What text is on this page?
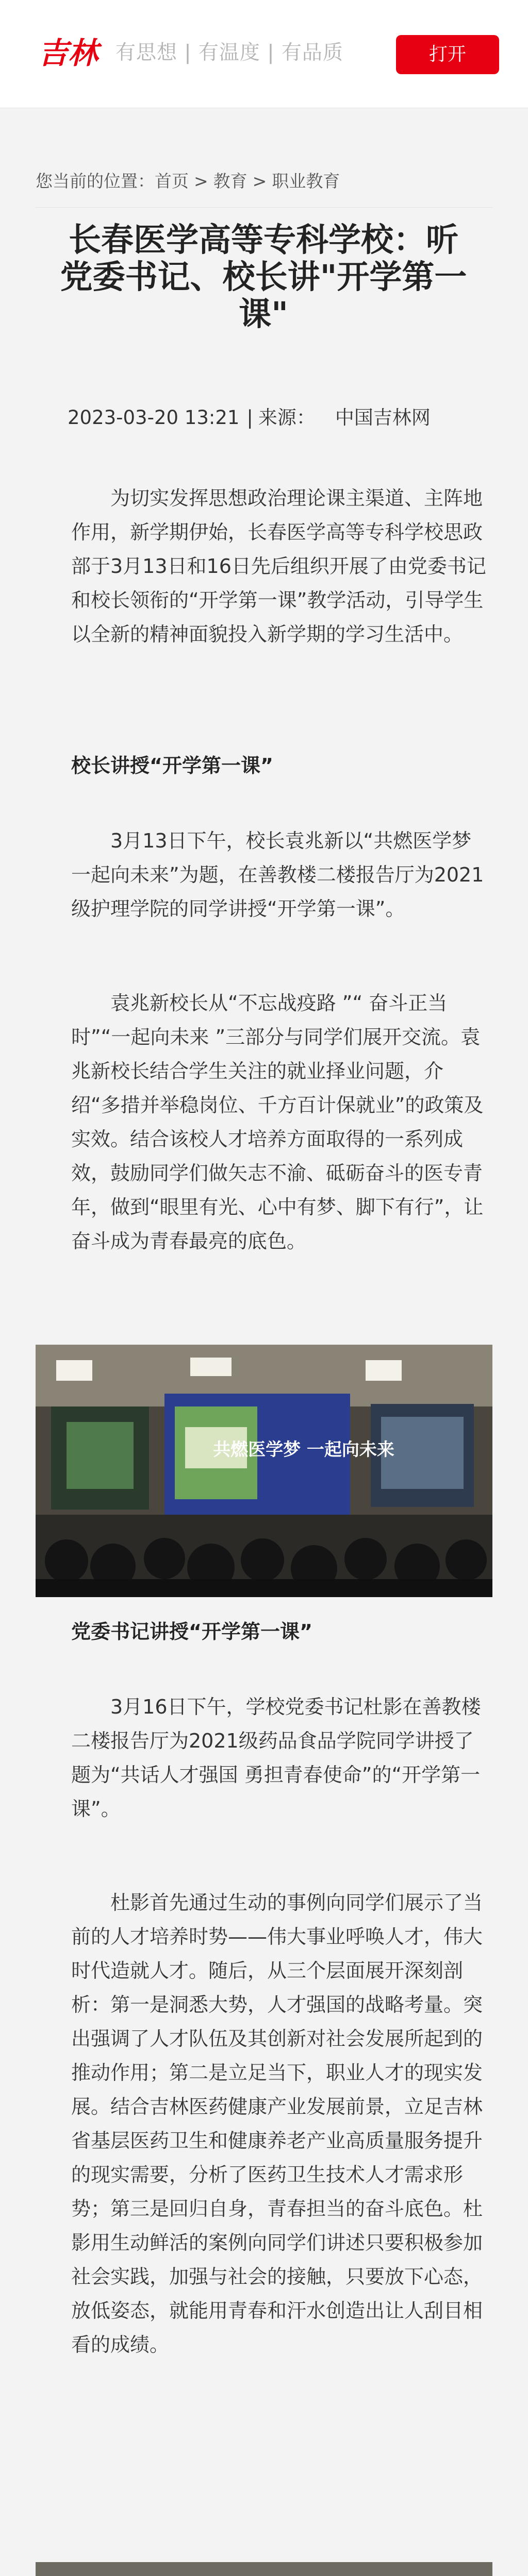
吉林 有思想 | 有温度 | 有品质	打开
您当前的位置：首页 > 教育 > 职业教育
长春医学高等专科学校：听党委书记、校长讲"开学第一课"
2023-03-20 13:21 | 来源： 中国吉林网

为切实发挥思想政治理论课主渠道、主阵地作用，新学期伊始，长春医学高等专科学校思政部于3月13日和16日先后组织开展了由党委书记和校长领衔的“开学第一课”教学活动，引导学生以全新的精神面貌投入新学期的学习生活中。

校长讲授“开学第一课”

3月13日下午，校长袁兆新以“共燃医学梦一起向未来”为题，在善教楼二楼报告厅为2021级护理学院的同学讲授“开学第一课”。

袁兆新校长从“不忘战疫路 ”“ 奋斗正当时”“一起向未来 ”三部分与同学们展开交流。袁兆新校长结合学生关注的就业择业问题，介绍“多措并举稳岗位、千方百计保就业”的政策及实效。结合该校人才培养方面取得的一系列成效，鼓励同学们做矢志不渝、砥砺奋斗的医专青年，做到“眼里有光、心中有梦、脚下有行”，让奋斗成为青春最亮的底色。

共燃医学梦 一起向未来

党委书记讲授“开学第一课”

3月16日下午，学校党委书记杜影在善教楼二楼报告厅为2021级药品食品学院同学讲授了题为“共话人才强国 勇担青春使命”的“开学第一课”。

杜影首先通过生动的事例向同学们展示了当前的人才培养时势——伟大事业呼唤人才，伟大时代造就人才。随后，从三个层面展开深刻剖析：第一是洞悉大势，人才强国的战略考量。突出强调了人才队伍及其创新对社会发展所起到的推动作用；第二是立足当下，职业人才的现实发展。结合吉林医药健康产业发展前景，立足吉林省基层医药卫生和健康养老产业高质量服务提升的现实需要，分析了医药卫生技术人才需求形势；第三是回归自身，青春担当的奋斗底色。杜影用生动鲜活的案例向同学们讲述只要积极参加社会实践，加强与社会的接触，只要放下心态，放低姿态，就能用青春和汗水创造出让人刮目相看的成绩。
